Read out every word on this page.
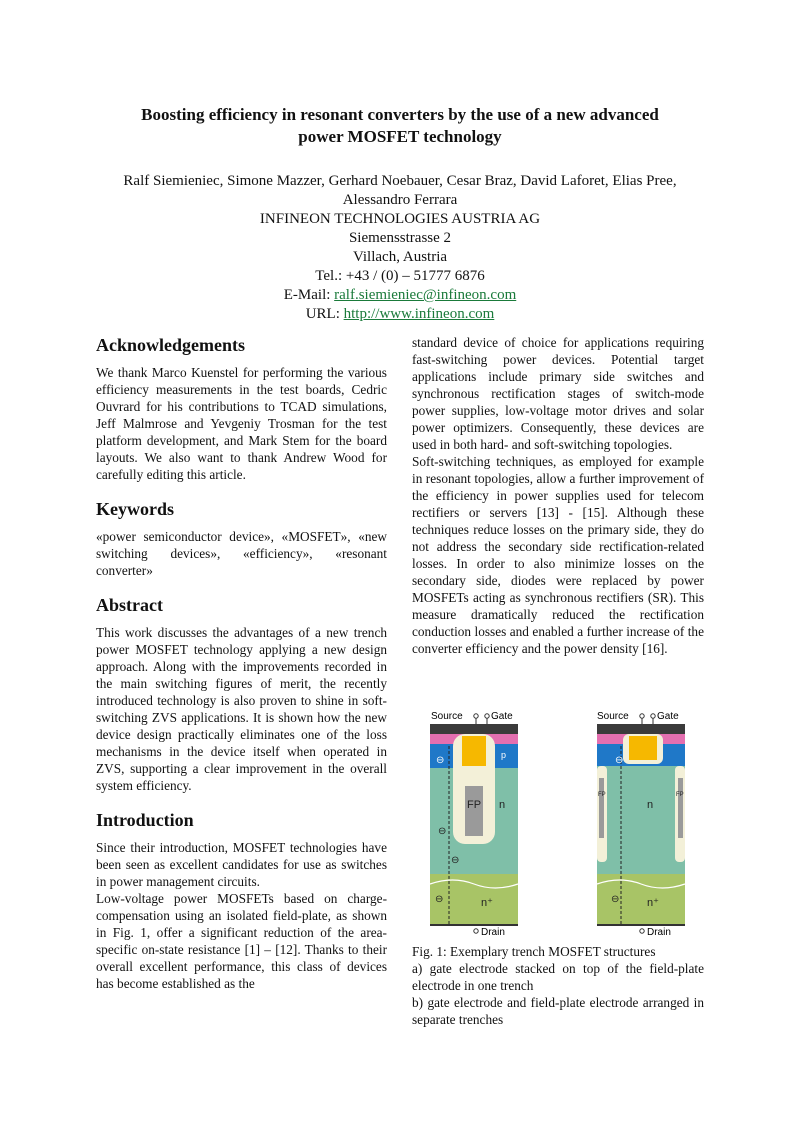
Boosting efficiency in resonant converters by the use of a new advanced
power MOSFET technology
Ralf Siemieniec, Simone Mazzer, Gerhard Noebauer, Cesar Braz, David Laforet, Elias Pree,
Alessandro Ferrara
INFINEON TECHNOLOGIES AUSTRIA AG
Siemensstrasse 2
Villach, Austria
Tel.: +43 / (0) – 51777 6876
E-Mail: ralf.siemieniec@infineon.com
URL: http://www.infineon.com
Acknowledgements

We thank Marco Kuenstel for performing the various efficiency measurements in the test boards, Cedric Ouvrard for his contributions to TCAD simulations, Jeff Malmrose and Yevgeniy Trosman for the test platform development, and Mark Stem for the board layouts. We also want to thank Andrew Wood for carefully editing this article.

Keywords

«power semiconductor device», «MOSFET», «new switching devices», «efficiency», «resonant converter»

Abstract

This work discusses the advantages of a new trench power MOSFET technology applying a new design approach. Along with the improvements recorded in the main switching figures of merit, the recently introduced technology is also proven to shine in soft-switching ZVS applications. It is shown how the new device design practically eliminates one of the loss mechanisms in the device itself when operated in ZVS, supporting a clear improvement in the overall system efficiency.

Introduction

Since their introduction, MOSFET technologies have been seen as excellent candidates for use as switches in power management circuits.

Low-voltage power MOSFETs based on charge-compensation using an isolated field-plate, as shown in Fig. 1, offer a significant reduction of the area-specific on-state resistance [1] – [12]. Thanks to their overall excellent performance, this class of devices has become established as the

standard device of choice for applications requiring fast-switching power devices. Potential target applications include primary side switches and synchronous rectification stages of switch-mode power supplies, low-voltage motor drives and solar power optimizers. Consequently, these devices are used in both hard- and soft-switching topologies.

Soft-switching techniques, as employed for example in resonant topologies, allow a further improvement of the efficiency in power supplies used for telecom rectifiers or servers [13] - [15]. Although these techniques reduce losses on the primary side, they do not address the secondary side rectification-related losses. In order to also minimize losses on the secondary side, diodes were replaced by power MOSFETs acting as synchronous rectifiers (SR). This measure dramatically reduced the rectification conduction losses and enabled a further increase of the converter efficiency and the power density [16].

Source	Gate
FP
p
n
n⁺
⊖
⊖
⊖
⊖
Drain
Source	Gate
FP	FP
n
n⁺
⊖
⊖
Drain

Fig. 1: Exemplary trench MOSFET structures

a) gate electrode stacked on top of the field-plate electrode in one trench

b) gate electrode and field-plate electrode arranged in separate trenches
